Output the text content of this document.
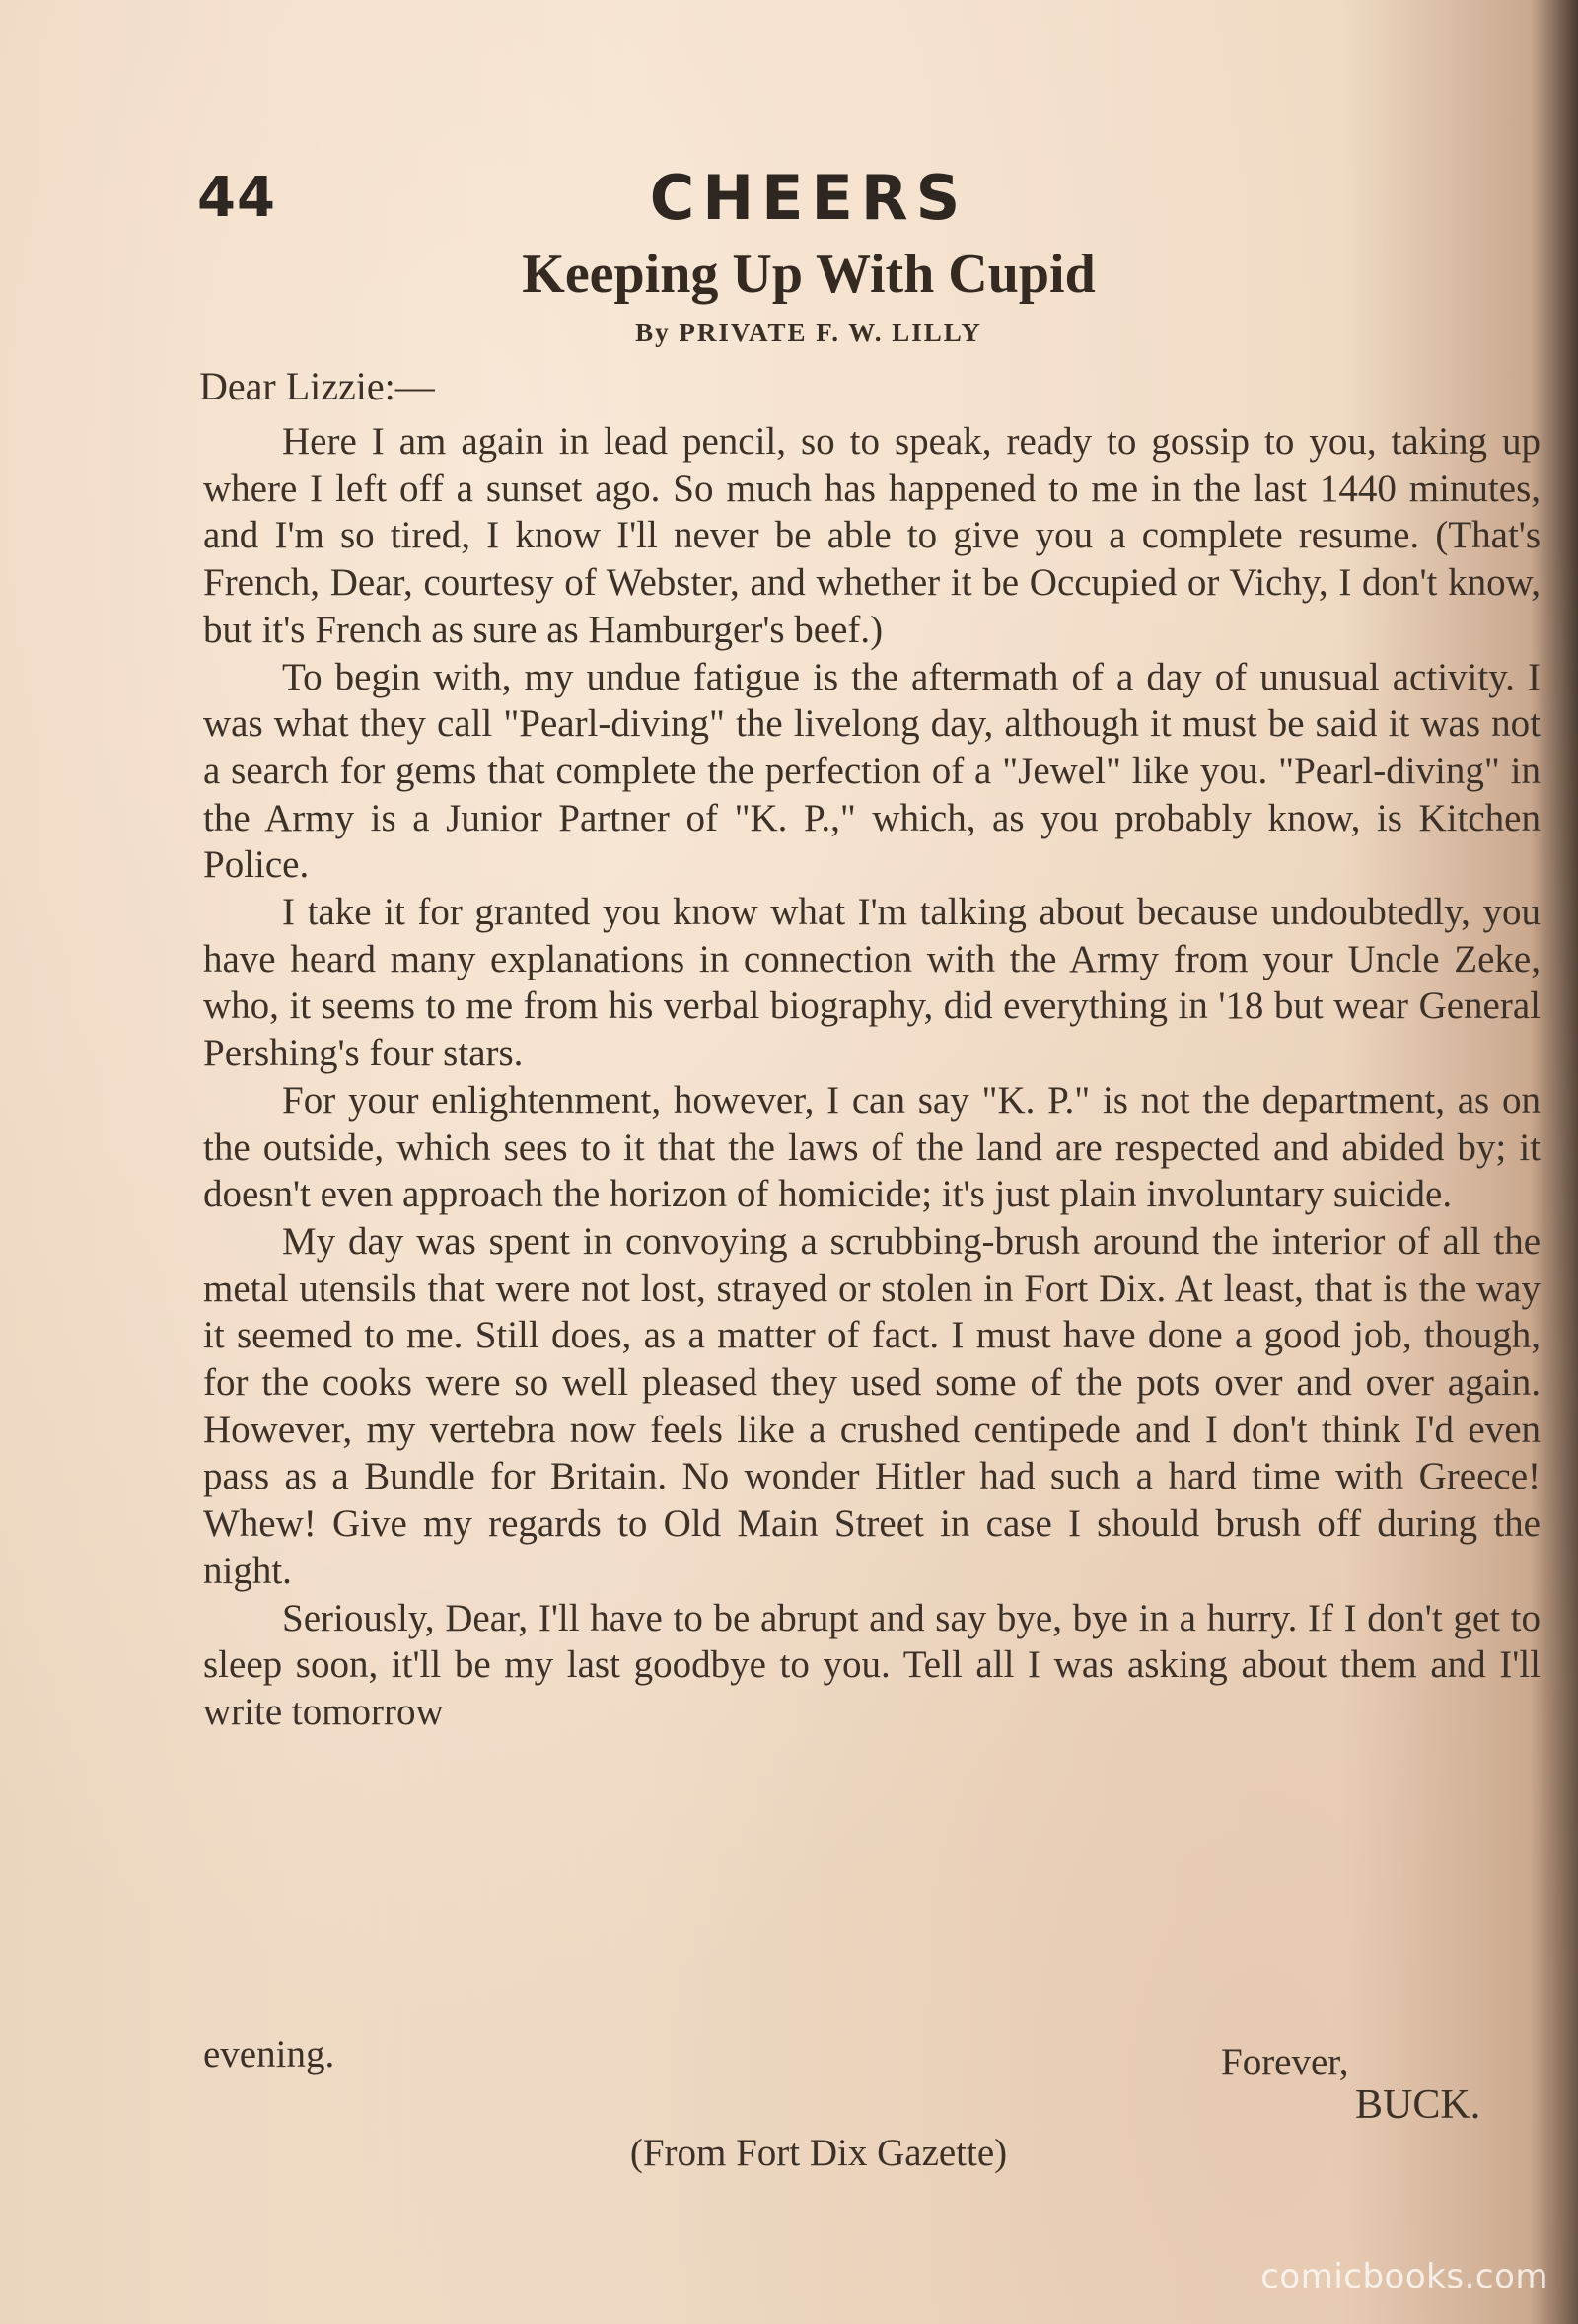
44	CHEERS
Keeping Up With Cupid
By PRIVATE F. W. LILLY
Dear Lizzie:—

Here I am again in lead pencil, so to speak, ready to gossip to you, taking up where I left off a sunset ago. So much has happened to me in the last 1440 minutes, and I'm so tired, I know I'll never be able to give you a complete resume. (That's French, Dear, courtesy of Webster, and whether it be Occupied or Vichy, I don't know, but it's French as sure as Hamburger's beef.)

To begin with, my undue fatigue is the aftermath of a day of unusual activity. I was what they call "Pearl-diving" the livelong day, although it must be said it was not a search for gems that complete the perfection of a "Jewel" like you. "Pearl-diving" in the Army is a Junior Partner of "K. P.," which, as you probably know, is Kitchen Police.

I take it for granted you know what I'm talking about because undoubtedly, you have heard many explanations in connection with the Army from your Uncle Zeke, who, it seems to me from his verbal biography, did everything in '18 but wear General Pershing's four stars.

For your enlightenment, however, I can say "K. P." is not the department, as on the outside, which sees to it that the laws of the land are respected and abided by; it doesn't even approach the horizon of homicide; it's just plain involuntary suicide.

My day was spent in convoying a scrubbing-brush around the interior of all the metal utensils that were not lost, strayed or stolen in Fort Dix. At least, that is the way it seemed to me. Still does, as a matter of fact. I must have done a good job, though, for the cooks were so well pleased they used some of the pots over and over again. However, my vertebra now feels like a crushed centipede and I don't think I'd even pass as a Bundle for Britain. No wonder Hitler had such a hard time with Greece! Whew! Give my regards to Old Main Street in case I should brush off during the night.

Seriously, Dear, I'll have to be abrupt and say bye, bye in a hurry. If I don't get to sleep soon, it'll be my last goodbye to you. Tell all I was asking about them and I'll write tomorrow

evening.	Forever,
BUCK.
(From Fort Dix Gazette)
comicbooks.com
